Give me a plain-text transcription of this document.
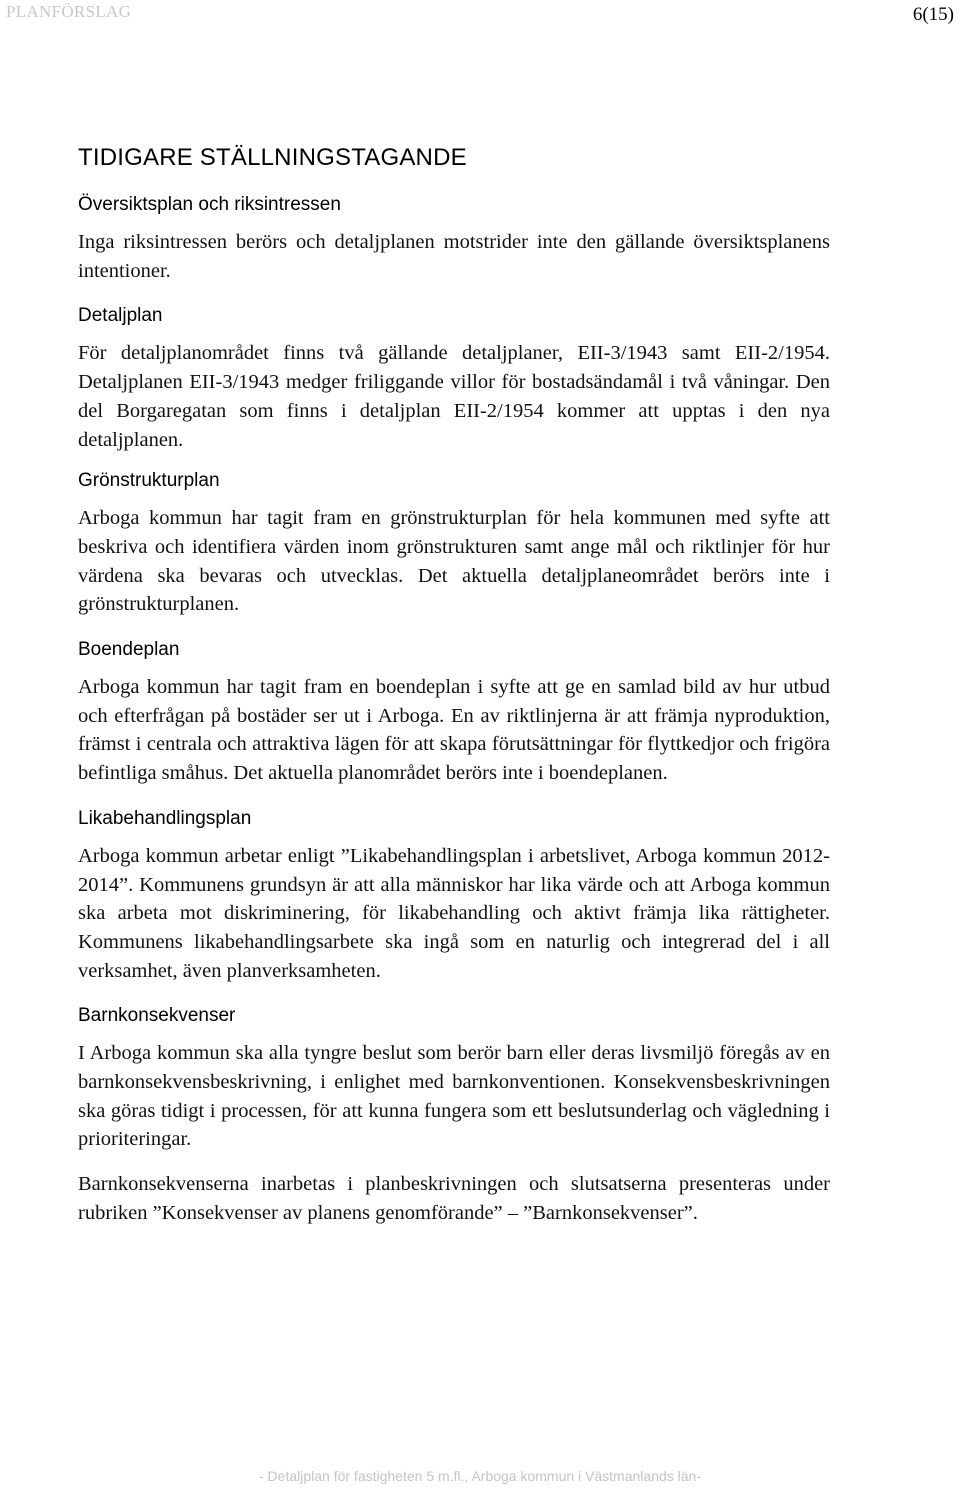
PLANFÖRSLAG	6(15)
TIDIGARE STÄLLNINGSTAGANDE
Översiktsplan och riksintressen

Inga riksintressen berörs och detaljplanen motstrider inte den gällande översiktsplanens intentioner.

Detaljplan

För detaljplanområdet finns två gällande detaljplaner, EII-3/1943 samt EII-2/1954. Detaljplanen EII-3/1943 medger friliggande villor för bostadsändamål i två våningar. Den del Borgaregatan som finns i detaljplan EII-2/1954 kommer att upptas i den nya detaljplanen.

Grönstrukturplan

Arboga kommun har tagit fram en grönstrukturplan för hela kommunen med syfte att beskriva och identifiera värden inom grönstrukturen samt ange mål och riktlinjer för hur värdena ska bevaras och utvecklas. Det aktuella detaljplaneområdet berörs inte i grönstrukturplanen.

Boendeplan

Arboga kommun har tagit fram en boendeplan i syfte att ge en samlad bild av hur utbud och efterfrågan på bostäder ser ut i Arboga. En av riktlinjerna är att främja nyproduktion, främst i centrala och attraktiva lägen för att skapa förutsättningar för flyttkedjor och frigöra befintliga småhus. Det aktuella planområdet berörs inte i boendeplanen.

Likabehandlingsplan

Arboga kommun arbetar enligt ”Likabehandlingsplan i arbetslivet, Arboga kommun 2012-2014”. Kommunens grundsyn är att alla människor har lika värde och att Arboga kommun ska arbeta mot diskriminering, för likabehandling och aktivt främja lika rättigheter. Kommunens likabehandlingsarbete ska ingå som en naturlig och integrerad del i all verksamhet, även planverksamheten.

Barnkonsekvenser

I Arboga kommun ska alla tyngre beslut som berör barn eller deras livsmiljö föregås av en barnkonsekvensbeskrivning, i enlighet med barnkonventionen. Konsekvensbeskrivningen ska göras tidigt i processen, för att kunna fungera som ett beslutsunderlag och vägledning i prioriteringar.

Barnkonsekvenserna inarbetas i planbeskrivningen och slutsatserna presenteras under rubriken ”Konsekvenser av planens genomförande” – ”Barnkonsekvenser”.

- Detaljplan för fastigheten 5 m.fl., Arboga kommun i Västmanlands län-
